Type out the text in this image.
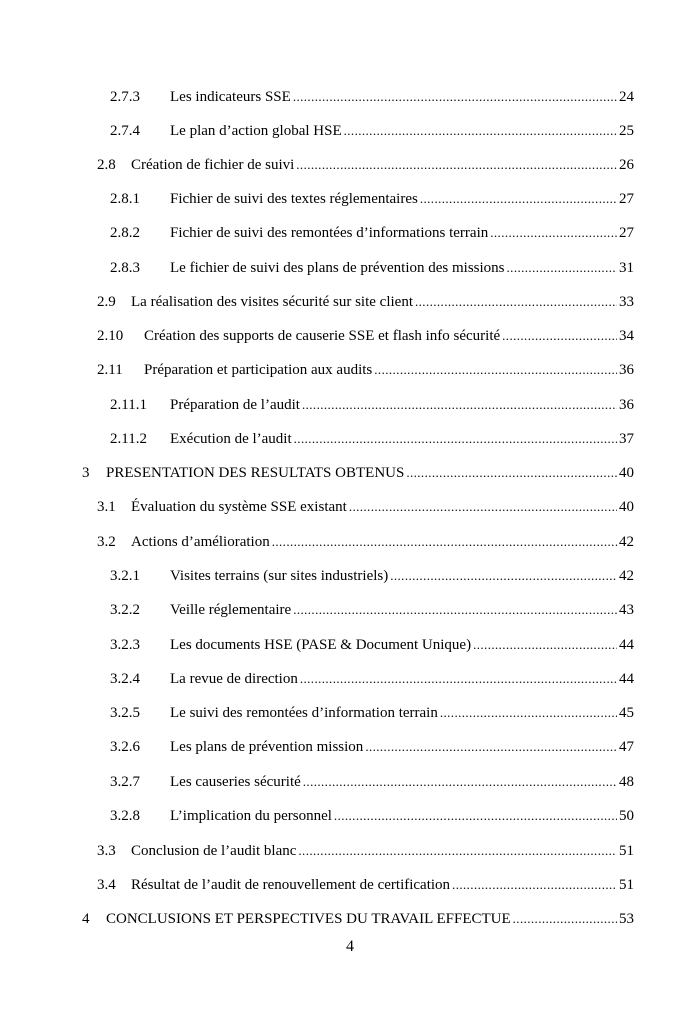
2.7.3	Les indicateurs SSE .....	24
2.7.4	Le plan d’action global HSE .....	25
2.8	Création de fichier de suivi .....	26
2.8.1	Fichier de suivi des textes réglementaires .....	27
2.8.2	Fichier de suivi des remontées d’informations terrain .....	27
2.8.3	Le fichier de suivi des plans de prévention des missions .....	31
2.9	La réalisation des visites sécurité sur site client .....	33
2.10	Création des supports de causerie SSE et flash info sécurité .....	34
2.11	Préparation et participation aux audits .....	36
2.11.1	Préparation de l’audit .....	36
2.11.2	Exécution de l’audit .....	37
3	PRESENTATION DES RESULTATS OBTENUS .....	40
3.1	Évaluation du système SSE existant .....	40
3.2	Actions d’amélioration .....	42
3.2.1	Visites terrains (sur sites industriels) .....	42
3.2.2	Veille réglementaire .....	43
3.2.3	Les documents HSE (PASE & Document Unique) .....	44
3.2.4	La revue de direction .....	44
3.2.5	Le suivi des remontées d’information terrain .....	45
3.2.6	Les plans de prévention mission .....	47
3.2.7	Les causeries sécurité .....	48
3.2.8	L’implication du personnel .....	50
3.3	Conclusion de l’audit blanc .....	51
3.4	Résultat de l’audit de renouvellement de certification .....	51
4	CONCLUSIONS ET PERSPECTIVES DU TRAVAIL EFFECTUE .....	53
4
